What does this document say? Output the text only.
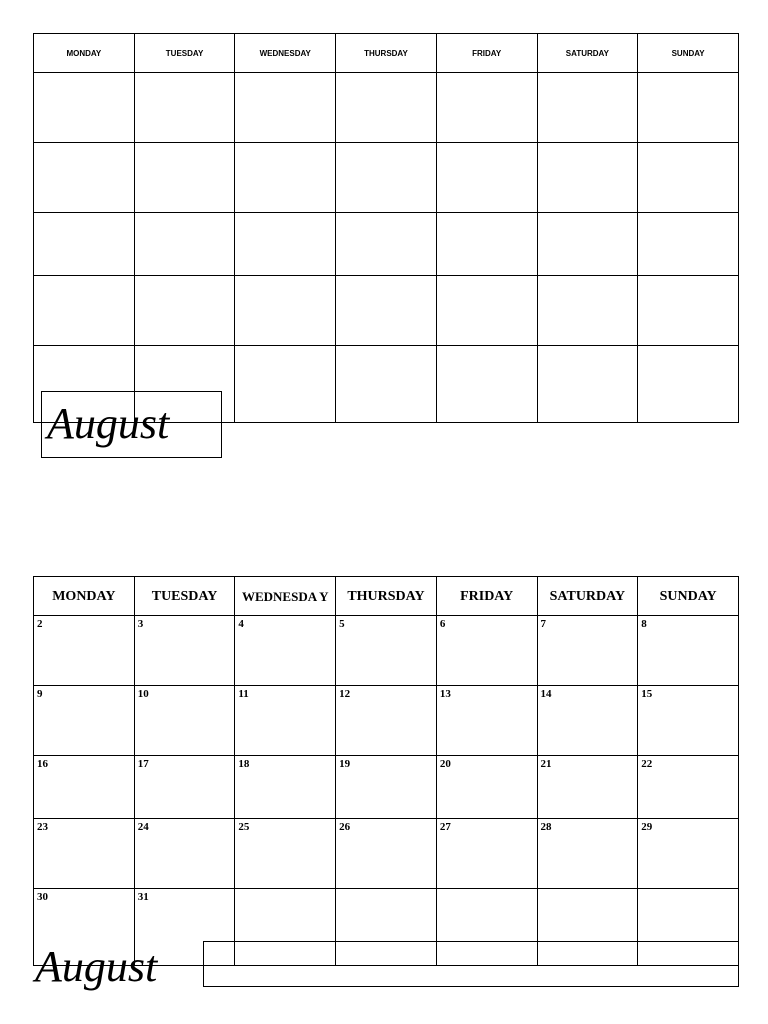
MONDAY	TUESDAY	WEDNESDAY	THURSDAY	FRIDAY	SATURDAY	SUNDAY

August
MONDAY	TUESDAY	WEDNESDA Y	THURSDAY	FRIDAY	SATURDAY	SUNDAY

2	3	4	5	6	7	8

9	10	11	12	13	14	15

16	17	18	19	20	21	22

23	24	25	26	27	28	29

30	31					

August
